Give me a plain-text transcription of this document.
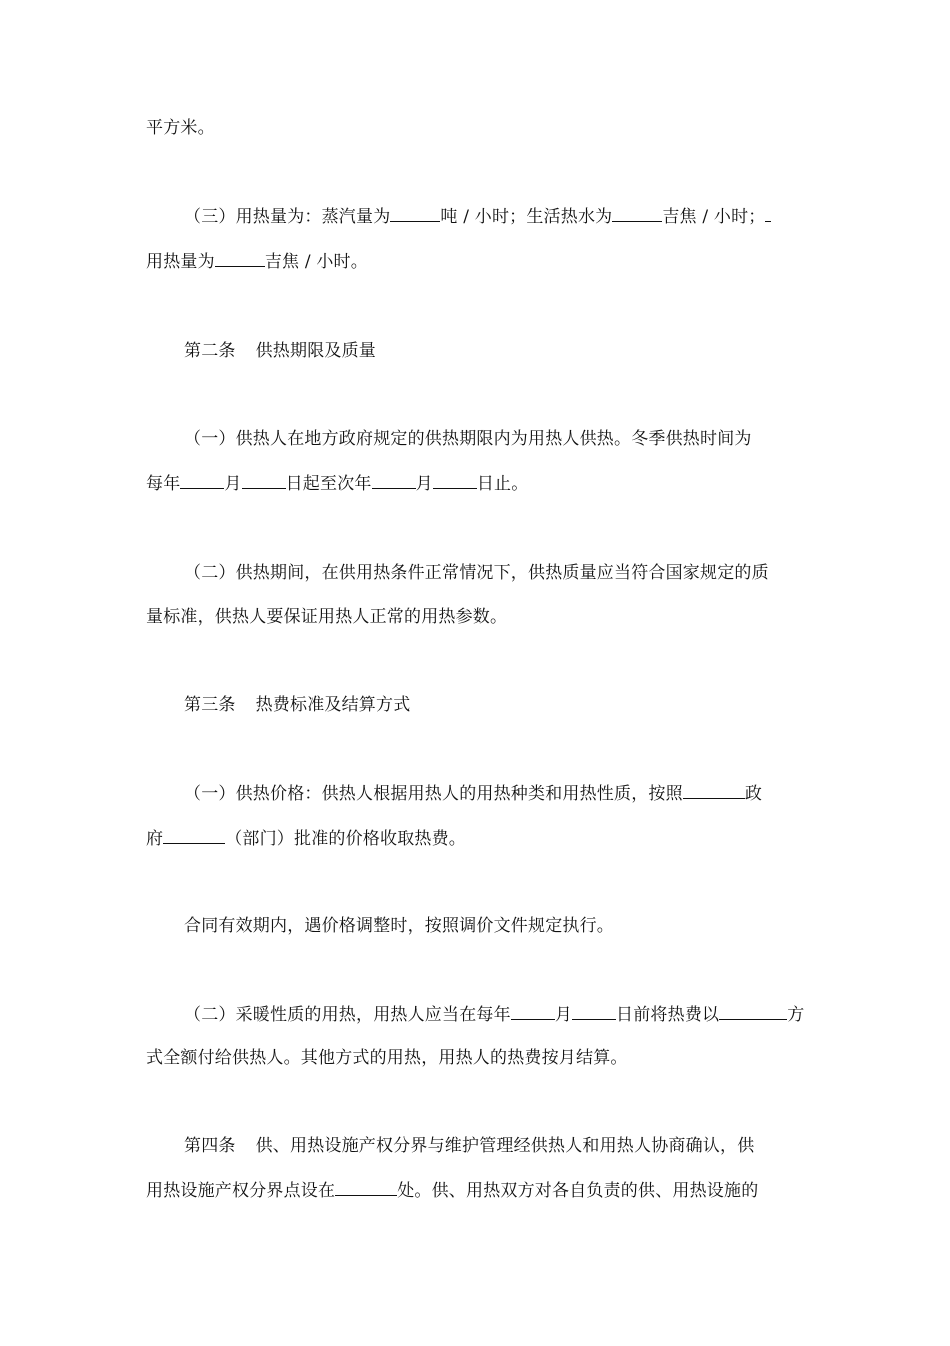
平方米。
（三）用热量为：蒸汽量为	吨 / 小时；生活热水为	吉焦 / 小时；
用热量为	吉焦 / 小时。
第二条 供热期限及质量
（一）供热人在地方政府规定的供热期限内为用热人供热。冬季供热时间为
每年	月	日起至次年	月	日止。
（二）供热期间，在供用热条件正常情况下，供热质量应当符合国家规定的质
量标准，供热人要保证用热人正常的用热参数。
第三条 热费标准及结算方式
（一）供热价格：供热人根据用热人的用热种类和用热性质，按照	政
府	（部门）批准的价格收取热费。
合同有效期内，遇价格调整时，按照调价文件规定执行。
（二）采暖性质的用热，用热人应当在每年	月	日前将热费以	方
式全额付给供热人。其他方式的用热，用热人的热费按月结算。
第四条 供、用热设施产权分界与维护管理经供热人和用热人协商确认，供
用热设施产权分界点设在	处。供、用热双方对各自负责的供、用热设施的
